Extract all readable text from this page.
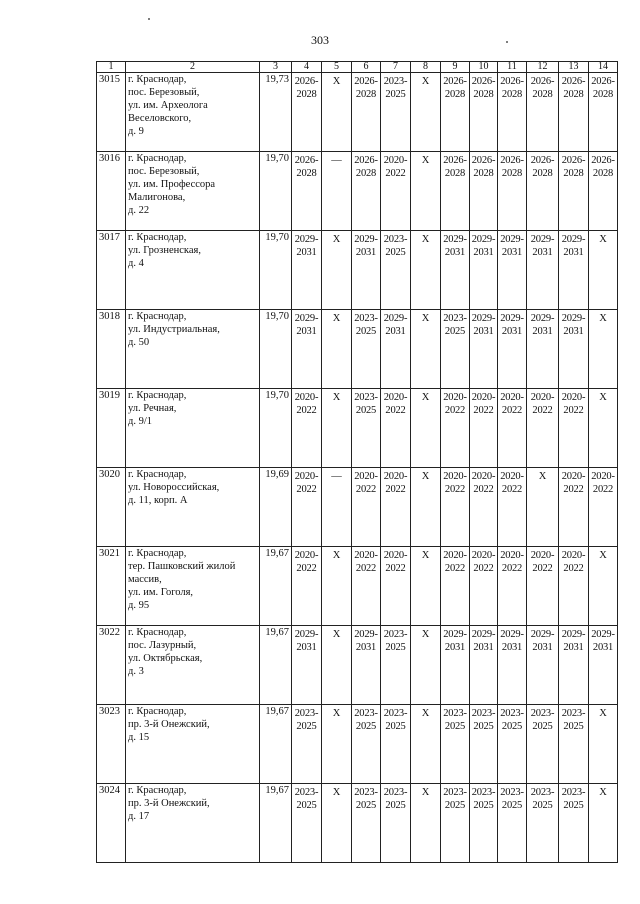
303
1	2	3	4	5	6	7	8	9	10	11	12	13	14
3015	г. Краснодар,
пос. Березовый,
ул. им. Археолога
Веселовского,
д. 9	19,73	2026-
2028	X	2026-
2028	2023-
2025	X	2026-
2028	2026-
2028	2026-
2028	2026-
2028	2026-
2028	2026-
2028
3016	г. Краснодар,
пос. Березовый,
ул. им. Профессора
Малигонова,
д. 22	19,70	2026-
2028	—	2026-
2028	2020-
2022	X	2026-
2028	2026-
2028	2026-
2028	2026-
2028	2026-
2028	2026-
2028
3017	г. Краснодар,
ул. Грозненская,
д. 4	19,70	2029-
2031	X	2029-
2031	2023-
2025	X	2029-
2031	2029-
2031	2029-
2031	2029-
2031	2029-
2031	X
3018	г. Краснодар,
ул. Индустриальная,
д. 50	19,70	2029-
2031	X	2023-
2025	2029-
2031	X	2023-
2025	2029-
2031	2029-
2031	2029-
2031	2029-
2031	X
3019	г. Краснодар,
ул. Речная,
д. 9/1	19,70	2020-
2022	X	2023-
2025	2020-
2022	X	2020-
2022	2020-
2022	2020-
2022	2020-
2022	2020-
2022	X
3020	г. Краснодар,
ул. Новороссийская,
д. 11, корп. А	19,69	2020-
2022	—	2020-
2022	2020-
2022	X	2020-
2022	2020-
2022	2020-
2022	X	2020-
2022	2020-
2022
3021	г. Краснодар,
тер. Пашковский жилой
массив,
ул. им. Гоголя,
д. 95	19,67	2020-
2022	X	2020-
2022	2020-
2022	X	2020-
2022	2020-
2022	2020-
2022	2020-
2022	2020-
2022	X
3022	г. Краснодар,
пос. Лазурный,
ул. Октябрьская,
д. 3	19,67	2029-
2031	X	2029-
2031	2023-
2025	X	2029-
2031	2029-
2031	2029-
2031	2029-
2031	2029-
2031	2029-
2031
3023	г. Краснодар,
пр. 3-й Онежский,
д. 15	19,67	2023-
2025	X	2023-
2025	2023-
2025	X	2023-
2025	2023-
2025	2023-
2025	2023-
2025	2023-
2025	X
3024	г. Краснодар,
пр. 3-й Онежский,
д. 17	19,67	2023-
2025	X	2023-
2025	2023-
2025	X	2023-
2025	2023-
2025	2023-
2025	2023-
2025	2023-
2025	X
